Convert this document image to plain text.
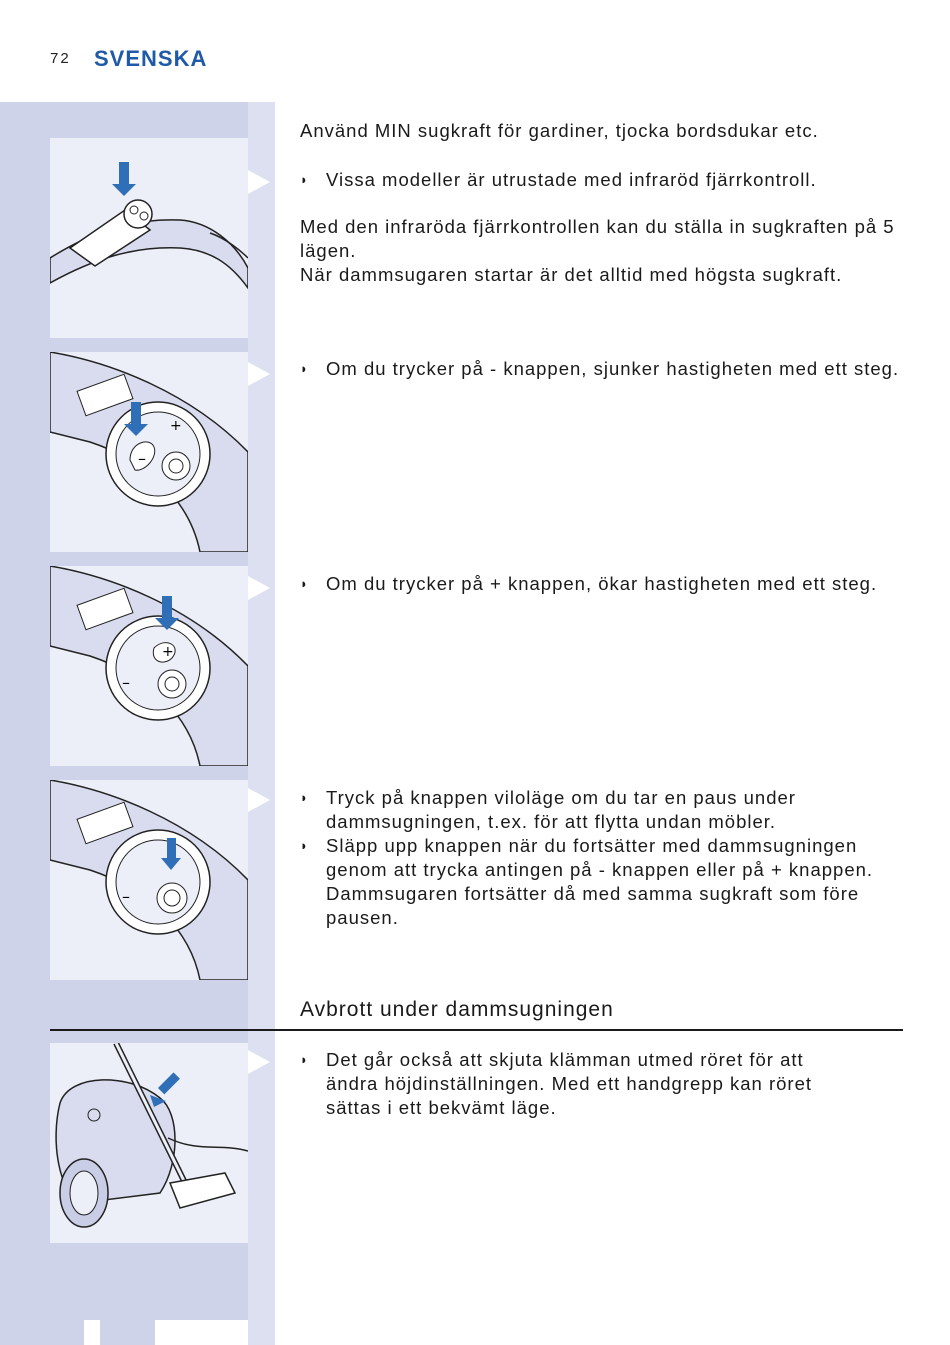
72 SVENSKA
–
+
+
–
–

Använd MIN sugkraft för gardiner, tjocka bordsdukar etc.

◗ Vissa modeller är utrustade med infraröd fjärrkontroll.

Med den infraröda fjärrkontrollen kan du ställa in sugkraften på 5 lägen.

När dammsugaren startar är det alltid med högsta sugkraft.

◗ Om du trycker på - knappen, sjunker hastigheten med ett steg.
◗ Om du trycker på + knappen, ökar hastigheten med ett steg.
◗ Tryck på knappen viloläge om du tar en paus under dammsugningen, t.ex. för att flytta undan möbler.
◗ Släpp upp knappen när du fortsätter med dammsugningen genom att trycka antingen på - knappen eller på + knappen. Dammsugaren fortsätter då med samma sugkraft som före pausen.
Avbrott under dammsugningen
◗ Det går också att skjuta klämman utmed röret för att ändra höjdinställningen. Med ett handgrepp kan röret sättas i ett bekvämt läge.
